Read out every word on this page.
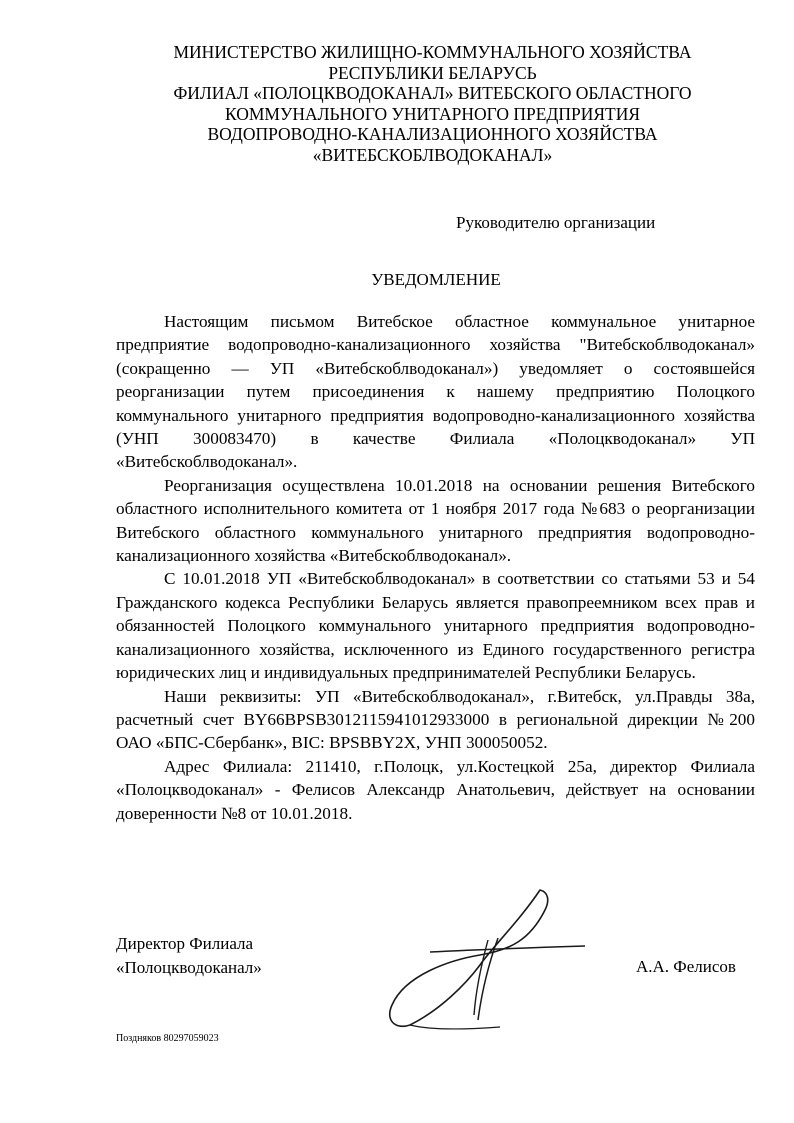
МИНИСТЕРСТВО ЖИЛИЩНО-КОММУНАЛЬНОГО ХОЗЯЙСТВА
РЕСПУБЛИКИ БЕЛАРУСЬ
ФИЛИАЛ «ПОЛОЦКВОДОКАНАЛ» ВИТЕБСКОГО ОБЛАСТНОГО
КОММУНАЛЬНОГО УНИТАРНОГО ПРЕДПРИЯТИЯ
ВОДОПРОВОДНО-КАНАЛИЗАЦИОННОГО ХОЗЯЙСТВА
«ВИТЕБСКОБЛВОДОКАНАЛ»
Руководителю организации
УВЕДОМЛЕНИЕ

Настоящим письмом Витебское областное коммунальное унитарное предприятие водопроводно-канализационного хозяйства "Витебскоблводоканал» (сокращенно — УП «Витебскоблводоканал») уведомляет о состоявшейся реорганизации путем присоединения к нашему предприятию Полоцкого коммунального унитарного предприятия водопроводно-канализационного хозяйства (УНП 300083470) в качестве Филиала «Полоцкводоканал» УП «Витебскоблводоканал».

Реорганизация осуществлена 10.01.2018 на основании решения Витебского областного исполнительного комитета от 1 ноября 2017 года №683 о реорганизации Витебского областного коммунального унитарного предприятия водопроводно-канализационного хозяйства «Витебскоблводоканал».

С 10.01.2018 УП «Витебскоблводоканал» в соответствии со статьями 53 и 54 Гражданского кодекса Республики Беларусь является правопреемником всех прав и обязанностей Полоцкого коммунального унитарного предприятия водопроводно-канализационного хозяйства, исключенного из Единого государственного регистра юридических лиц и индивидуальных предпринимателей Республики Беларусь.

Наши реквизиты: УП «Витебскоблводоканал», г.Витебск, ул.Правды 38а, расчетный счет BY66BPSB3012115941012933000 в региональной дирекции №200 ОАО «БПС-Сбербанк», BIC: BPSBBY2X, УНП 300050052.

Адрес Филиала: 211410, г.Полоцк, ул.Костецкой 25а, директор Филиала «Полоцкводоканал» - Фелисов Александр Анатольевич, действует на основании доверенности №8 от 10.01.2018.

Директор Филиала
«Полоцкводоканал»	А.А. Фелисов
Поздняков 80297059023
